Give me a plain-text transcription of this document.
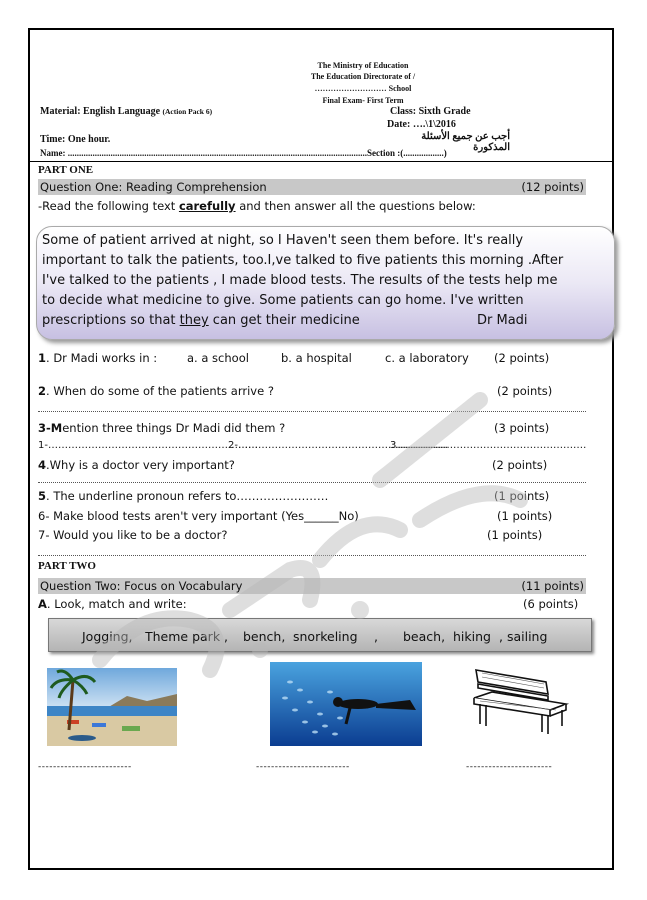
The Ministry of Education
The Education Directorate of /
……………………… School
Final Exam- First Term
Material: English Language (Action Pack 6)	Class: Sixth Grade
Date: ….\1\2016
أجب عن جميع الأسئلة المذكورة
Time: One hour.
Name: .....................................................................................................................................Section :(..................)
PART ONE
Question One: Reading Comprehension	(12 points)
-Read the following text carefully and then answer all the questions below:
Some of patient arrived at night, so I Haven't seen them before. It's really
important to talk the patients, too.I,ve talked to five patients this morning .After
I've talked to the patients , I made blood tests. The results of the tests help me
to decide what medicine to give. Some patients can go home. I've written
prescriptions so that they can get their medicine	Dr Madi
1. Dr Madi works in :	a. a school	b. a hospital	c. a laboratory (2 points)
2. When do some of the patients arrive ?	(2 points)
3-Mention three things Dr Madi did them ?	(3 points)
1-………………………………………………………
2-………………………………………………………
3…………………………………………………
4.Why is a doctor very important?	(2 points)
5. The underline pronoun refers to……………………	(1 points)
6- Make blood tests aren't very important (Yes______No)	(1 points)
7- Would you like to be a doctor?	(1 points)
PART TWO
Question Two: Focus on Vocabulary	(11 points)
A. Look, match and write:	(6 points)
Jogging, Theme park , bench, snorkeling , beach, hiking , sailing
-------------------------	-------------------------	-----------------------
